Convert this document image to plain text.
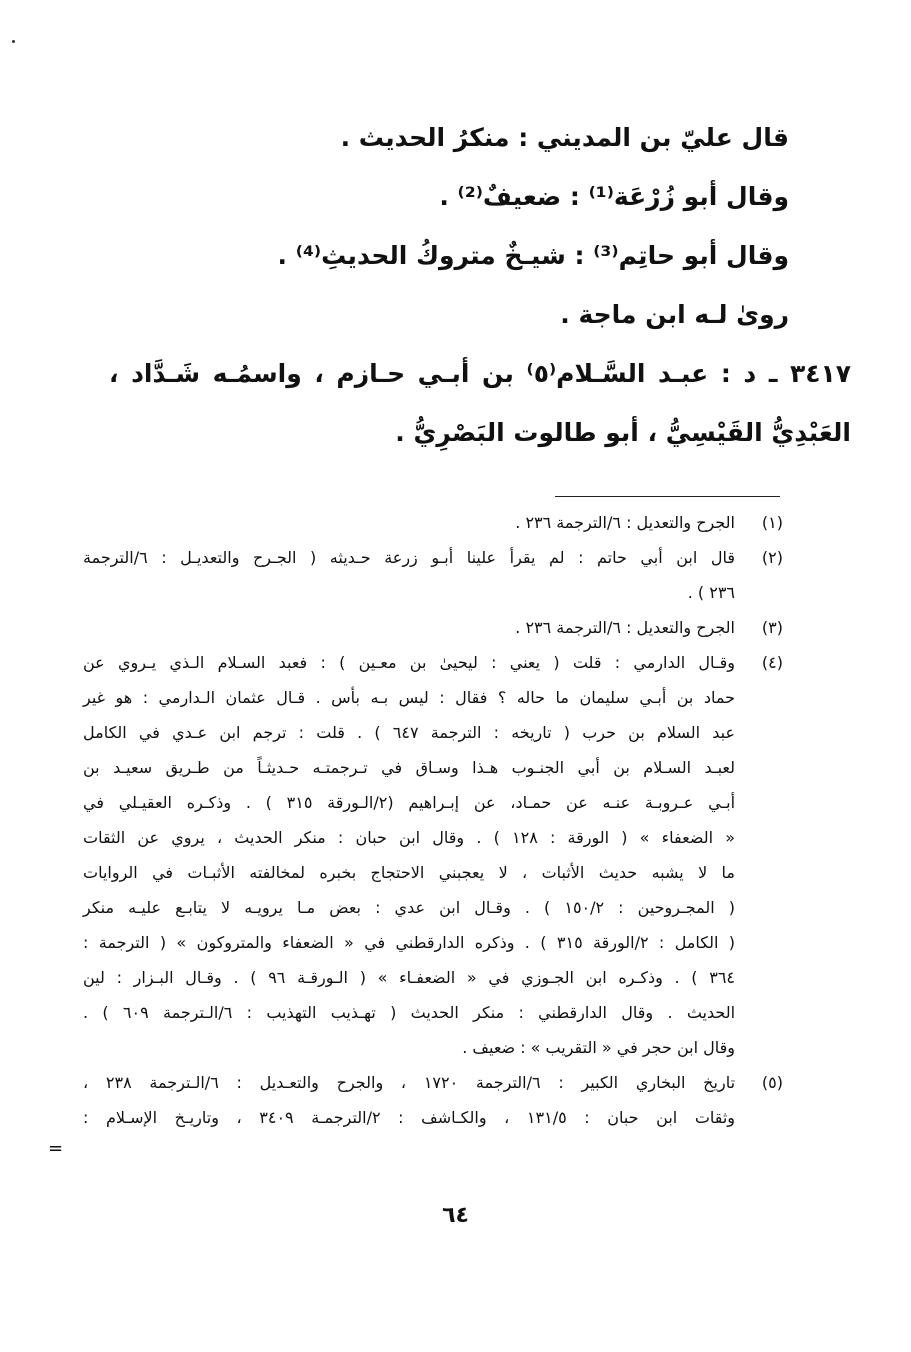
قال عليّ بن المديني : منكرُ الحديث .
وقال أبو زُرْعَة⁽¹⁾ : ضعيفٌ⁽²⁾ .
وقال أبو حاتِم⁽³⁾ : شيـخٌ متروكُ الحديثِ⁽⁴⁾ .
روىٰ لـه ابن ماجة .
٣٤١٧ ـ د : عبـد السَّـلام⁽٥⁾ بن أبـي حـازم ، واسمُـه شَـدَّاد ،
العَبْدِيُّ القَيْسِيُّ ، أبو طالوت البَصْرِيُّ .
(١)
الجرح والتعديل : ٦/الترجمة ٢٣٦ .
(٢)
قال ابن أبي حاتم : لم يقرأ علينا أبـو زرعة حـديثه ( الجـرح والتعديـل : ٦/الترجمة
٢٣٦ ) .
(٣)
الجرح والتعديل : ٦/الترجمة ٢٣٦ .
(٤)
وقـال الدارمي : قلت ( يعني : ليحيىٰ بن معـين ) : فعبد السـلام الـذي يـروي عن
حماد بن أبـي سليمان ما حاله ؟ فقال : ليس بـه بأس . قـال عثمان الـدارمي : هو غير
عبد السلام بن حرب ( تاريخه : الترجمة ٦٤٧ ) . قلت : ترجم ابن عـدي في الكامل
لعبـد السـلام بن أبي الجنـوب هـذا وسـاق في تـرجمتـه حـديثـاً من طـريق سعيـد بن
أبـي عـروبـة عنـه عن حمـاد، عن إبـراهيم (٢/الـورقة ٣١٥ ) . وذكـره العقيـلي في
« الضعفاء » ( الورقة : ١٢٨ ) . وقال ابن حبان : منكر الحديث ، يروي عن الثقات
ما لا يشبه حديث الأثبات ، لا يعجبني الاحتجاج بخبره لمخالفته الأثبـات في الروايات
( المجـروحين : ١٥٠/٢ ) . وقـال ابن عدي : بعض مـا يرويـه لا يتابـع عليـه منكر
( الكامل : ٢/الورقة ٣١٥ ) . وذكره الدارقطني في « الضعفاء والمتروكون » ( الترجمة :
٣٦٤ ) . وذكـره ابن الجـوزي في « الضعفـاء » ( الـورقـة ٩٦ ) . وقـال البـزار : لين
الحديث . وقال الدارقطني : منكر الحديث ( تهـذيب التهذيب : ٦/الـترجمة ٦٠٩ ) .
وقال ابن حجر في « التقريب » : ضعيف .
(٥)
تاريخ البخاري الكبير : ٦/الترجمة ١٧٢٠ ، والجرح والتعـديل : ٦/الـترجمة ٢٣٨ ،
وثقات ابن حبان : ١٣١/٥ ، والكـاشف : ٢/الترجمـة ٣٤٠٩ ، وتاريـخ الإسـلام :
=
٦٤
